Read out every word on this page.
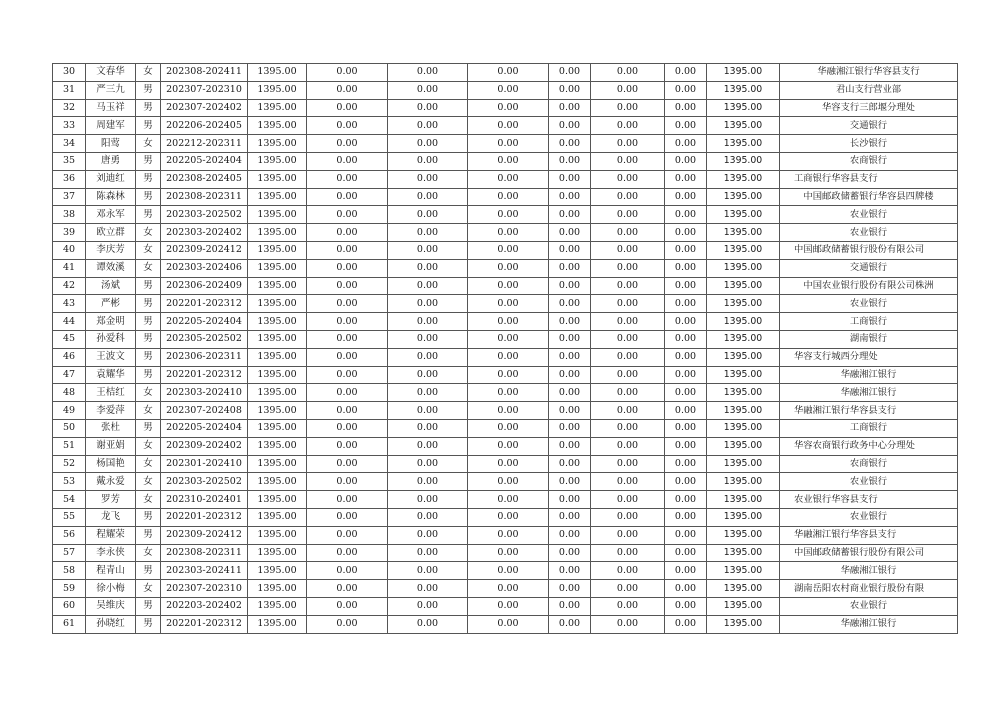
30	文春华	女	202308-202411	1395.00	0.00	0.00	0.00	0.00	0.00	0.00	1395.00	华融湘江银行华容县支行
31	严三九	男	202307-202310	1395.00	0.00	0.00	0.00	0.00	0.00	0.00	1395.00	君山支行营业部
32	马玉祥	男	202307-202402	1395.00	0.00	0.00	0.00	0.00	0.00	0.00	1395.00	华容支行三郎堰分理处
33	周建军	男	202206-202405	1395.00	0.00	0.00	0.00	0.00	0.00	0.00	1395.00	交通银行
34	阳莺	女	202212-202311	1395.00	0.00	0.00	0.00	0.00	0.00	0.00	1395.00	长沙银行
35	唐勇	男	202205-202404	1395.00	0.00	0.00	0.00	0.00	0.00	0.00	1395.00	农商银行
36	刘迪红	男	202308-202405	1395.00	0.00	0.00	0.00	0.00	0.00	0.00	1395.00	工商银行华容县支行
37	陈森林	男	202308-202311	1395.00	0.00	0.00	0.00	0.00	0.00	0.00	1395.00	中国邮政储蓄银行华容县四牌楼
38	邓永军	男	202303-202502	1395.00	0.00	0.00	0.00	0.00	0.00	0.00	1395.00	农业银行
39	欧立群	女	202303-202402	1395.00	0.00	0.00	0.00	0.00	0.00	0.00	1395.00	农业银行
40	李庆芳	女	202309-202412	1395.00	0.00	0.00	0.00	0.00	0.00	0.00	1395.00	中国邮政储蓄银行股份有限公司
41	谭效溪	女	202303-202406	1395.00	0.00	0.00	0.00	0.00	0.00	0.00	1395.00	交通银行
42	汤斌	男	202306-202409	1395.00	0.00	0.00	0.00	0.00	0.00	0.00	1395.00	中国农业银行股份有限公司株洲
43	严彬	男	202201-202312	1395.00	0.00	0.00	0.00	0.00	0.00	0.00	1395.00	农业银行
44	郑金明	男	202205-202404	1395.00	0.00	0.00	0.00	0.00	0.00	0.00	1395.00	工商银行
45	孙爱科	男	202305-202502	1395.00	0.00	0.00	0.00	0.00	0.00	0.00	1395.00	湖南银行
46	王波文	男	202306-202311	1395.00	0.00	0.00	0.00	0.00	0.00	0.00	1395.00	华容支行城西分理处
47	袁耀华	男	202201-202312	1395.00	0.00	0.00	0.00	0.00	0.00	0.00	1395.00	华融湘江银行
48	王桔红	女	202303-202410	1395.00	0.00	0.00	0.00	0.00	0.00	0.00	1395.00	华融湘江银行
49	李爱萍	女	202307-202408	1395.00	0.00	0.00	0.00	0.00	0.00	0.00	1395.00	华融湘江银行华容县支行
50	张杜	男	202205-202404	1395.00	0.00	0.00	0.00	0.00	0.00	0.00	1395.00	工商银行
51	谢亚娟	女	202309-202402	1395.00	0.00	0.00	0.00	0.00	0.00	0.00	1395.00	华容农商银行政务中心分理处
52	杨国艳	女	202301-202410	1395.00	0.00	0.00	0.00	0.00	0.00	0.00	1395.00	农商银行
53	戴永爱	女	202303-202502	1395.00	0.00	0.00	0.00	0.00	0.00	0.00	1395.00	农业银行
54	罗芳	女	202310-202401	1395.00	0.00	0.00	0.00	0.00	0.00	0.00	1395.00	农业银行华容县支行
55	龙飞	男	202201-202312	1395.00	0.00	0.00	0.00	0.00	0.00	0.00	1395.00	农业银行
56	程耀荣	男	202309-202412	1395.00	0.00	0.00	0.00	0.00	0.00	0.00	1395.00	华融湘江银行华容县支行
57	李永侠	女	202308-202311	1395.00	0.00	0.00	0.00	0.00	0.00	0.00	1395.00	中国邮政储蓄银行股份有限公司
58	程青山	男	202303-202411	1395.00	0.00	0.00	0.00	0.00	0.00	0.00	1395.00	华融湘江银行
59	徐小梅	女	202307-202310	1395.00	0.00	0.00	0.00	0.00	0.00	0.00	1395.00	湖南岳阳农村商业银行股份有限
60	吴维庆	男	202203-202402	1395.00	0.00	0.00	0.00	0.00	0.00	0.00	1395.00	农业银行
61	孙晓红	男	202201-202312	1395.00	0.00	0.00	0.00	0.00	0.00	0.00	1395.00	华融湘江银行
